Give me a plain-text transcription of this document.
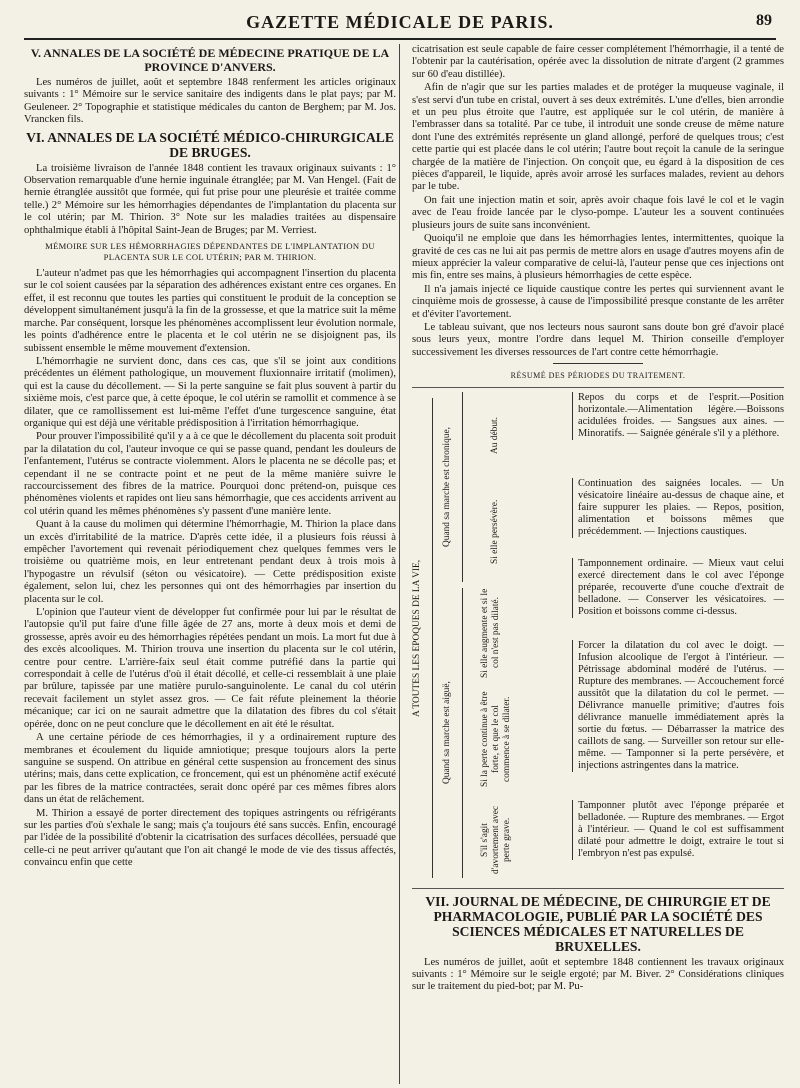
GAZETTE MÉDICALE DE PARIS.	89
V. ANNALES DE LA SOCIÉTÉ DE MÉDECINE PRATIQUE DE LA PROVINCE D'ANVERS.

Les numéros de juillet, août et septembre 1848 renferment les articles originaux suivants : 1° Mémoire sur le service sanitaire des indigents dans le plat pays; par M. Geuleneer. 2° Topographie et statistique médicales du canton de Berghem; par M. Jos. Vrancken fils.

VI. ANNALES DE LA SOCIÉTÉ MÉDICO-CHIRURGICALE DE BRUGES.

La troisième livraison de l'année 1848 contient les travaux originaux suivants : 1° Observation remarquable d'une hernie inguinale étranglée; par M. Van Hengel. (Fait de hernie étranglée aussitôt que formée, qui fut prise pour une pleurésie et traitée comme telle.) 2° Mémoire sur les hémorrhagies dépendantes de l'implantation du placenta sur le col utérin; par M. Thirion. 3° Note sur les maladies traitées au dispensaire ophthalmique établi à l'hôpital Saint-Jean de Bruges; par M. Verriest.

MÉMOIRE SUR LES HÉMORRHAGIES DÉPENDANTES DE L'IMPLANTATION DU PLACENTA SUR LE COL UTÉRIN; PAR M. THIRION.

L'auteur n'admet pas que les hémorrhagies qui accompagnent l'insertion du placenta sur le col soient causées par la séparation des adhérences existant entre ces organes. En effet, il est reconnu que toutes les parties qui constituent le produit de la conception se développent simultanément jusqu'à la fin de la grossesse, et que la matrice suit la même marche. Par conséquent, lorsque les phénomènes accomplissent leur évolution normale, les points d'adhérence entre le placenta et le col utérin ne se disjoignent pas, ils subissent ensemble le même mouvement d'extension.

L'hémorrhagie ne survient donc, dans ces cas, que s'il se joint aux conditions précédentes un élément pathologique, un mouvement fluxionnaire irritatif (molimen), qui est la cause du décollement. — Si la perte sanguine se fait plus souvent à partir du sixième mois, c'est parce que, à cette époque, le col utérin se ramollit et commence à se dilater, que ce ramollissement est lui-même l'effet d'une turgescence sanguine, état organique qui est déjà une véritable prédisposition à l'irritation hémorrhagique.

Pour prouver l'impossibilité qu'il y a à ce que le décollement du placenta soit produit par la dilatation du col, l'auteur invoque ce qui se passe quand, pendant les douleurs de l'enfantement, l'utérus se contracte violemment. Alors le placenta ne se décolle pas; et cependant il ne se contracte point et ne peut de la même manière suivre le raccourcissement des fibres de la matrice. Pourquoi donc prétend-on, puisque ces phénomènes violents et rapides ont lieu sans hémorrhagie, que ces accidents arrivent au col utérin quand les mêmes phénomènes s'y passent d'une manière lente.

Quant à la cause du molimen qui détermine l'hémorrhagie, M. Thirion la place dans un excès d'irritabilité de la matrice. D'après cette idée, il a plusieurs fois réussi à empêcher l'avortement qui revenait périodiquement chez quelques femmes vers le troisième ou quatrième mois, en leur entretenant pendant deux à trois mois à l'hypogastre un révulsif (séton ou vésicatoire). — Cette prédisposition existe également, selon lui, chez les personnes qui ont des hémorrhagies par insertion du placenta sur le col.

L'opinion que l'auteur vient de développer fut confirmée pour lui par le résultat de l'autopsie qu'il put faire d'une fille âgée de 27 ans, morte à deux mois et demi de grossesse, après avoir eu des hémorrhagies répétées pendant un mois. La mort fut due à des excès alcooliques. M. Thirion trouva une insertion du placenta sur le col utérin, centre pour centre. L'arrière-faix seul était comme putréfié dans la partie qui correspondait à celle de l'utérus d'où il était décollé, et celle-ci ressemblait à une plaie par brûlure, tapissée par une matière purulo-sanguinolente. Le canal du col utérin recevait facilement un stylet assez gros. — Ce fait réfute pleinement la théorie mécanique; car ici on ne saurait admettre que la dilatation des fibres du col s'était opérée, donc on ne peut conclure que le décollement en ait été le résultat.

A une certaine période de ces hémorrhagies, il y a ordinairement rupture des membranes et écoulement du liquide amniotique; presque toujours alors la perte sanguine se suspend. On attribue en général cette suspension au froncement des sinus utérins; mais, dans cette explication, ce froncement, qui est un phénomène actif exécuté par les fibres de la matrice contractées, serait donc opéré par ces mêmes fibres alors dans un état de relâchement.

M. Thirion a essayé de porter directement des topiques astringents ou réfrigérants sur les parties d'où s'exhale le sang; mais ç'a toujours été sans succès. Enfin, encouragé par l'idée de la possibilité d'obtenir la cicatrisation des surfaces décollées, persuadé que celle-ci ne peut arriver qu'autant que l'on ait changé le mode de vie des tissus affectés, convaincu enfin que cette

cicatrisation est seule capable de faire cesser complétement l'hémorrhagie, il a tenté de l'obtenir par la cautérisation, opérée avec la dissolution de nitrate d'argent (2 grammes sur 60 d'eau distillée).

Afin de n'agir que sur les parties malades et de protéger la muqueuse vaginale, il s'est servi d'un tube en cristal, ouvert à ses deux extrémités. L'une d'elles, bien arrondie et un peu plus étroite que l'autre, est appliquée sur le col utérin, de manière à l'embrasser dans sa totalité. Par ce tube, il introduit une sonde creuse de même nature dont l'une des extrémités représente un gland allongé, perforé de quelques trous; c'est cette partie qui est placée dans le col utérin; l'autre bout reçoit la canule de la seringue chargée de la matière de l'injection. On conçoit que, eu égard à la disposition de ces pièces d'appareil, le liquide, après avoir arrosé les surfaces malades, revient au dehors par le tube.

On fait une injection matin et soir, après avoir chaque fois lavé le col et le vagin avec de l'eau froide lancée par le clyso-pompe. L'auteur les a souvent continuées plusieurs jours de suite sans inconvénient.

Quoiqu'il ne emploie que dans les hémorrhagies lentes, intermittentes, quoique la gravité de ces cas ne lui ait pas permis de mettre alors en usage d'autres moyens afin de mieux apprécier la valeur comparative de celui-là, l'auteur pense que ces injections ont mis fin, entre ses mains, à plusieurs hémorrhagies de cette espèce.

Il n'a jamais injecté ce liquide caustique contre les pertes qui surviennent avant le cinquième mois de grossesse, à cause de l'impossibilité presque constante de les arrêter et d'éviter l'avortement.

Le tableau suivant, que nos lecteurs nous sauront sans doute bon gré d'avoir placé sous leurs yeux, montre l'ordre dans lequel M. Thirion conseille d'employer successivement les diverses ressources de l'art contre cette hémorrhagie.

RÉSUMÉ DES PÉRIODES DU TRAITEMENT.
A TOUTES LES ÉPOQUES DE LA VIE,
Quand sa marche est chronique,
Quand sa marche est aiguë,
Au début.
Si elle persévère.
Si elle augmente et si le col n'est pas dilaté.
Si la perte continue à être forte, et que le col commence à se dilater.
S'il s'agit d'avortement avec perte grave.
Repos du corps et de l'esprit.—Position horizontale.—Alimentation légère.—Boissons acidulées froides. — Sangsues aux aines. — Minoratifs. — Saignée générale s'il y a pléthore.
Continuation des saignées locales. — Un vésicatoire linéaire au-dessus de chaque aine, et faire suppurer les plaies. — Repos, position, alimentation et boissons mêmes que précédemment. — Injections caustiques.
Tamponnement ordinaire. — Mieux vaut celui exercé directement dans le col avec l'éponge préparée, recouverte d'une couche d'extrait de belladone. — Conserver les vésicatoires. — Position et boissons comme ci-dessus.
Forcer la dilatation du col avec le doigt. — Infusion alcoolique de l'ergot à l'intérieur. — Pétrissage abdominal modéré de l'utérus. — Rupture des membranes. — Accouchement forcé aussitôt que la dilatation du col le permet. — Délivrance manuelle primitive; d'autres fois délivrance manuelle immédiatement après la sortie du fœtus. — Débarrasser la matrice des caillots de sang. — Surveiller son retour sur elle-même. — Tamponner si la perte persévère, et injections astringentes dans la matrice.
Tamponner plutôt avec l'éponge préparée et belladonée. — Rupture des membranes. — Ergot à l'intérieur. — Quand le col est suffisamment dilaté pour admettre le doigt, extraire le tout si l'embryon n'est pas expulsé.
VII. JOURNAL DE MÉDECINE, DE CHIRURGIE ET DE PHARMACOLOGIE, PUBLIÉ PAR LA SOCIÉTÉ DES SCIENCES MÉDICALES ET NATURELLES DE BRUXELLES.

Les numéros de juillet, août et septembre 1848 contiennent les travaux originaux suivants : 1° Mémoire sur le seigle ergoté; par M. Biver. 2° Considérations cliniques sur le traitement du pied-bot; par M. Pu-
